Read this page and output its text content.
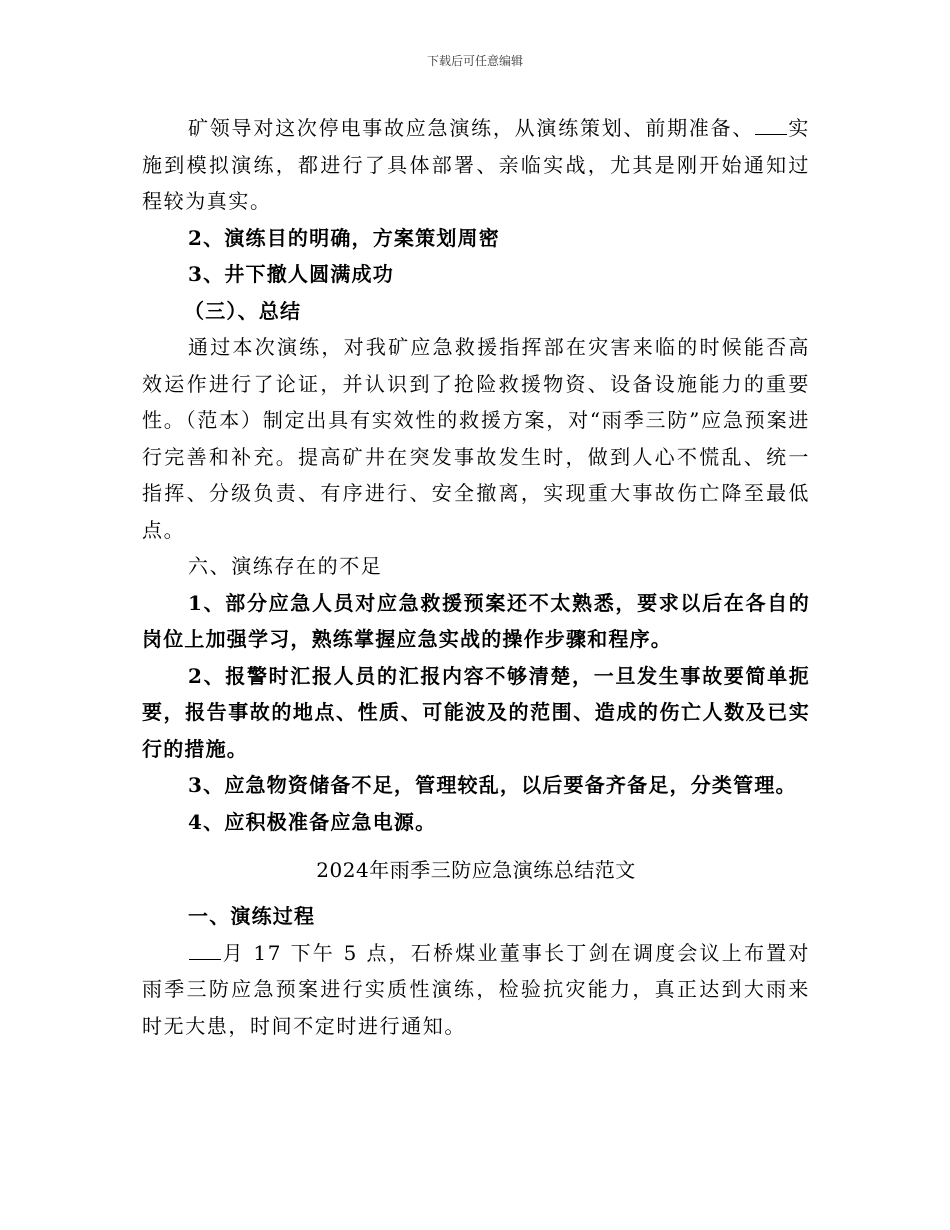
下载后可任意编辑

矿领导对这次停电事故应急演练，从演练策划、前期准备、 实施到模拟演练，都进行了具体部署、亲临实战，尤其是刚开始通知过程较为真实。

2、演练目的明确，方案策划周密

3、井下撤人圆满成功

（三）、总结

通过本次演练，对我矿应急救援指挥部在灾害来临的时候能否高效运作进行了论证，并认识到了抢险救援物资、设备设施能力的重要性。（范本）制定出具有实效性的救援方案，对“雨季三防”应急预案进行完善和补充。提高矿井在突发事故发生时，做到人心不慌乱、统一指挥、分级负责、有序进行、安全撤离，实现重大事故伤亡降至最低点。

六、演练存在的不足

1、部分应急人员对应急救援预案还不太熟悉，要求以后在各自的岗位上加强学习，熟练掌握应急实战的操作步骤和程序。

2、报警时汇报人员的汇报内容不够清楚，一旦发生事故要简单扼要，报告事故的地点、性质、可能波及的范围、造成的伤亡人数及已实行的措施。

3、应急物资储备不足，管理较乱，以后要备齐备足，分类管理。

4、应积极准备应急电源。

2024年雨季三防应急演练总结范文

一、演练过程

月 17 下午 5 点，石桥煤业董事长丁剑在调度会议上布置对雨季三防应急预案进行实质性演练，检验抗灾能力，真正达到大雨来时无大患，时间不定时进行通知。
